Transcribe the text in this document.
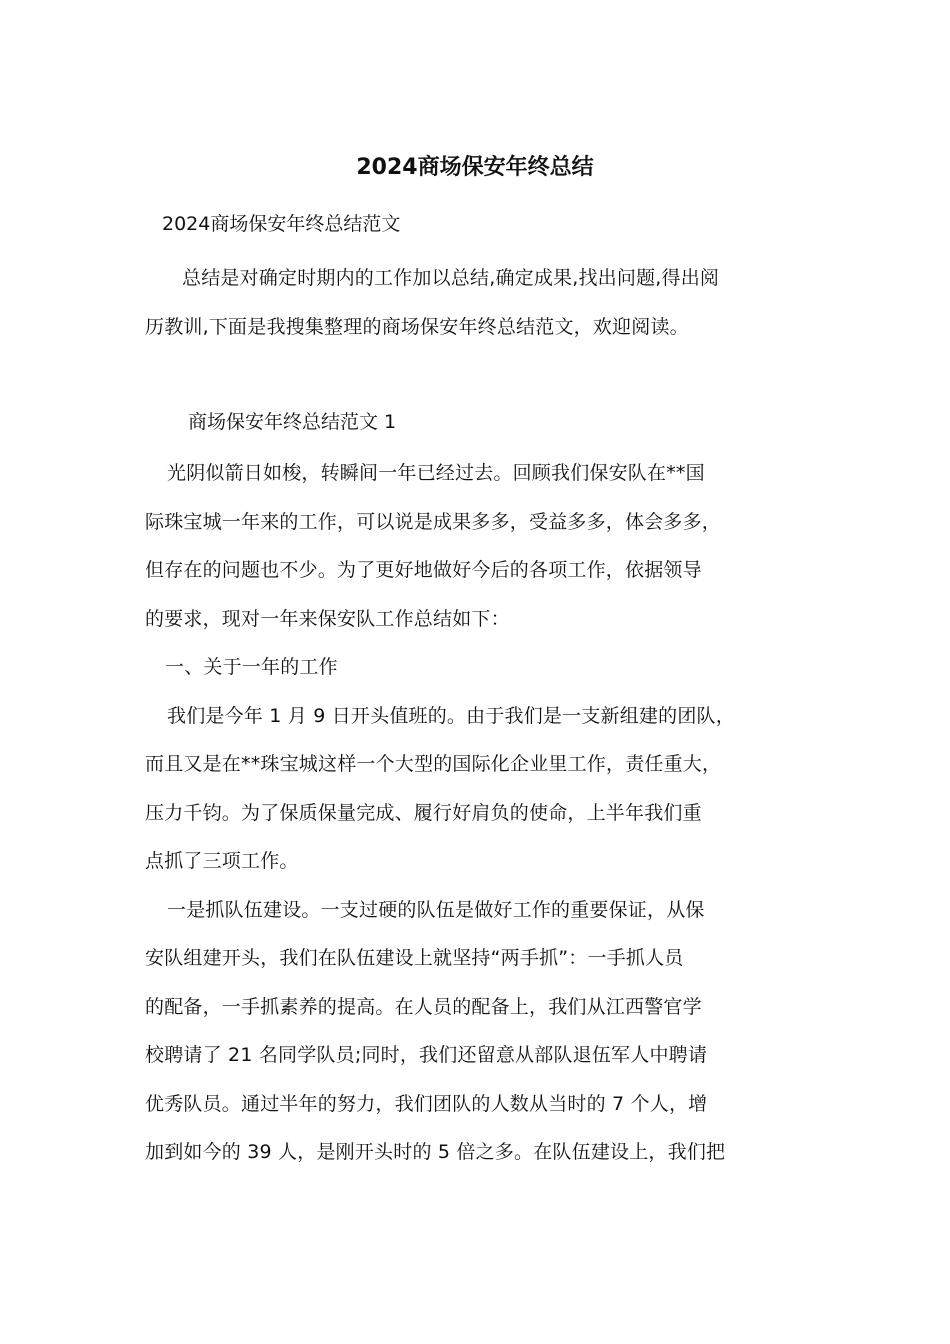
2024商场保安年终总结
2024商场保安年终总结范文
总结是对确定时期内的工作加以总结,确定成果,找出问题,得出阅
历教训,下面是我搜集整理的商场保安年终总结范文，欢迎阅读。
商场保安年终总结范文 1
光阴似箭日如梭，转瞬间一年已经过去。回顾我们保安队在**国
际珠宝城一年来的工作，可以说是成果多多，受益多多，体会多多，
但存在的问题也不少。为了更好地做好今后的各项工作，依据领导
的要求，现对一年来保安队工作总结如下：
一、关于一年的工作
我们是今年 1 月 9 日开头值班的。由于我们是一支新组建的团队，
而且又是在**珠宝城这样一个大型的国际化企业里工作，责任重大，
压力千钧。为了保质保量完成、履行好肩负的使命，上半年我们重
点抓了三项工作。
一是抓队伍建设。一支过硬的队伍是做好工作的重要保证，从保
安队组建开头，我们在队伍建设上就坚持“两手抓”：一手抓人员
的配备，一手抓素养的提高。在人员的配备上，我们从江西警官学
校聘请了 21 名同学队员;同时，我们还留意从部队退伍军人中聘请
优秀队员。通过半年的努力，我们团队的人数从当时的 7 个人，增
加到如今的 39 人，是刚开头时的 5 倍之多。在队伍建设上，我们把
